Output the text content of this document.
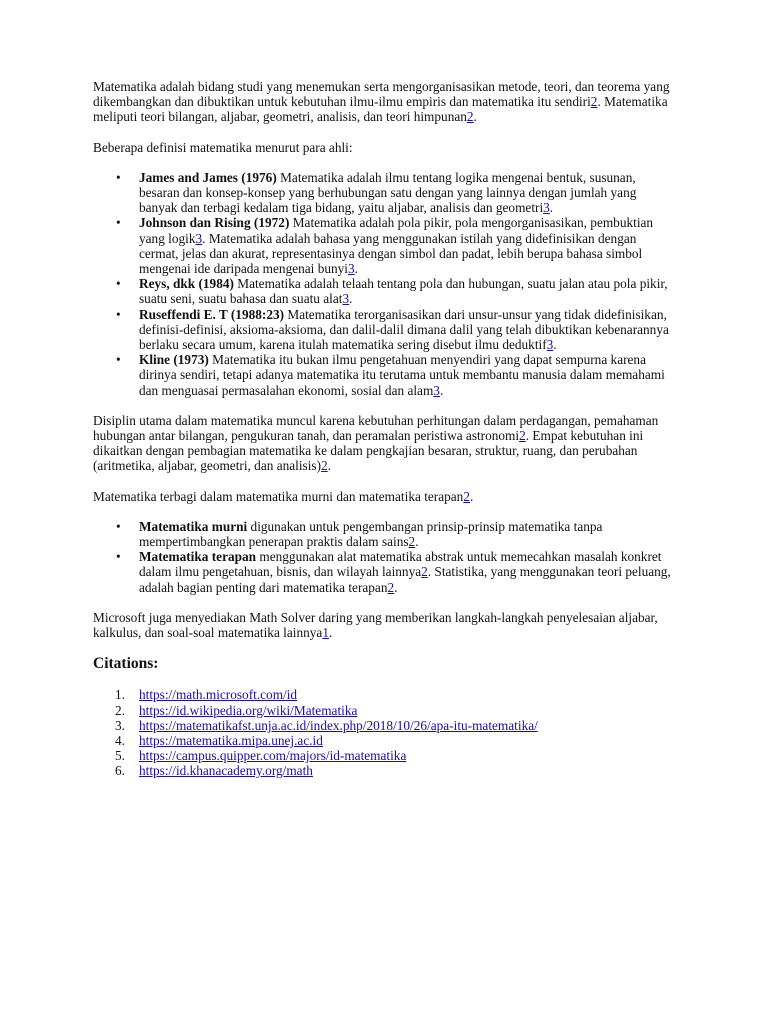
Matematika adalah bidang studi yang menemukan serta mengorganisasikan metode, teori, dan teorema yang dikembangkan dan dibuktikan untuk kebutuhan ilmu-ilmu empiris dan matematika itu sendiri2. Matematika meliputi teori bilangan, aljabar, geometri, analisis, dan teori himpunan2.

Beberapa definisi matematika menurut para ahli:

• James and James (1976) Matematika adalah ilmu tentang logika mengenai bentuk, susunan, besaran dan konsep-konsep yang berhubungan satu dengan yang lainnya dengan jumlah yang banyak dan terbagi kedalam tiga bidang, yaitu aljabar, analisis dan geometri3.
• Johnson dan Rising (1972) Matematika adalah pola pikir, pola mengorganisasikan, pembuktian yang logik3. Matematika adalah bahasa yang menggunakan istilah yang didefinisikan dengan cermat, jelas dan akurat, representasinya dengan simbol dan padat, lebih berupa bahasa simbol mengenai ide daripada mengenai bunyi3.
• Reys, dkk (1984) Matematika adalah telaah tentang pola dan hubungan, suatu jalan atau pola pikir, suatu seni, suatu bahasa dan suatu alat3.
• Ruseffendi E. T (1988:23) Matematika terorganisasikan dari unsur-unsur yang tidak didefinisikan, definisi-definisi, aksioma-aksioma, dan dalil-dalil dimana dalil yang telah dibuktikan kebenarannya berlaku secara umum, karena itulah matematika sering disebut ilmu deduktif3.
• Kline (1973) Matematika itu bukan ilmu pengetahuan menyendiri yang dapat sempurna karena dirinya sendiri, tetapi adanya matematika itu terutama untuk membantu manusia dalam memahami dan menguasai permasalahan ekonomi, sosial dan alam3.

Disiplin utama dalam matematika muncul karena kebutuhan perhitungan dalam perdagangan, pemahaman hubungan antar bilangan, pengukuran tanah, dan peramalan peristiwa astronomi2. Empat kebutuhan ini dikaitkan dengan pembagian matematika ke dalam pengkajian besaran, struktur, ruang, dan perubahan (aritmetika, aljabar, geometri, dan analisis)2.

Matematika terbagi dalam matematika murni dan matematika terapan2.

• Matematika murni digunakan untuk pengembangan prinsip-prinsip matematika tanpa mempertimbangkan penerapan praktis dalam sains2.
• Matematika terapan menggunakan alat matematika abstrak untuk memecahkan masalah konkret dalam ilmu pengetahuan, bisnis, dan wilayah lainnya2. Statistika, yang menggunakan teori peluang, adalah bagian penting dari matematika terapan2.

Microsoft juga menyediakan Math Solver daring yang memberikan langkah-langkah penyelesaian aljabar, kalkulus, dan soal-soal matematika lainnya1.

Citations:
1. https://math.microsoft.com/id
2. https://id.wikipedia.org/wiki/Matematika
3. https://matematikafst.unja.ac.id/index.php/2018/10/26/apa-itu-matematika/
4. https://matematika.mipa.unej.ac.id
5. https://campus.quipper.com/majors/id-matematika
6. https://id.khanacademy.org/math
